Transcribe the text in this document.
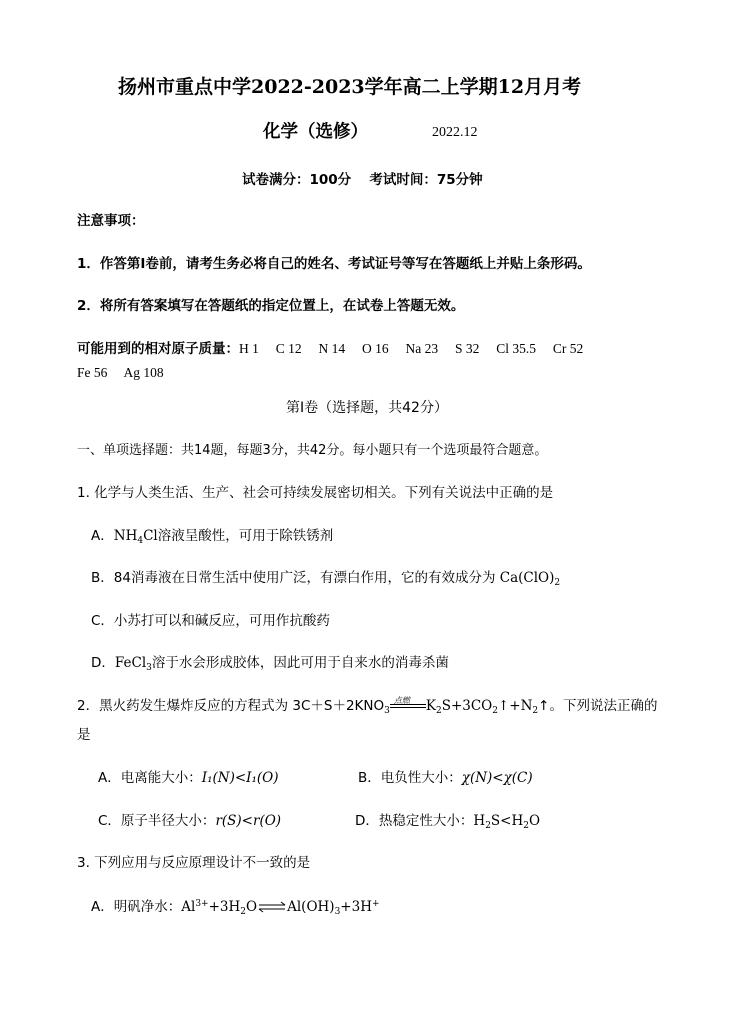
扬州市重点中学2022-2023学年高二上学期12月月考
化学（选修）	2022.12
试卷满分：100分　 考试时间：75分钟
注意事项：
1．作答第Ⅰ卷前，请考生务必将自己的姓名、考试证号等写在答题纸上并贴上条形码。
2．将所有答案填写在答题纸的指定位置上，在试卷上答题无效。
可能用到的相对原子质量：H 1　 C 12　 N 14　 O 16　 Na 23　 S 32　 Cl 35.5　 Cr 52
Fe 56　 Ag 108
第Ⅰ卷（选择题，共42分）
一、单项选择题：共14题，每题3分，共42分。每小题只有一个选项最符合题意。
1. 化学与人类生活、生产、社会可持续发展密切相关。下列有关说法中正确的是
A．$NH_4Cl$溶液呈酸性，可用于除铁锈剂
B．84消毒液在日常生活中使用广泛，有漂白作用，它的有效成分为 $Ca(ClO)_2$
C．小苏打可以和碱反应，可用作抗酸药
D．FeCl$_3$溶于水会形成胶体，因此可用于自来水的消毒杀菌
2．黑火药发生爆炸反应的方程式为 $3C+S+2KNO_3$
点燃 $K_2S+3CO_2↑+N_2↑$。下列说法正确的
是
A．电离能大小：I₁(N)<I₁(O)	B．电负性大小：χ(N)<χ(C)
C．原子半径大小：r(S)<r(O)	D．热稳定性大小：$H_2S<H_2O$
3. 下列应用与反应原理设计不一致的是
A．明矾净水：$Al^{3+}+3H_2O\rightleftharpoons Al(OH)_3+3H^+$
